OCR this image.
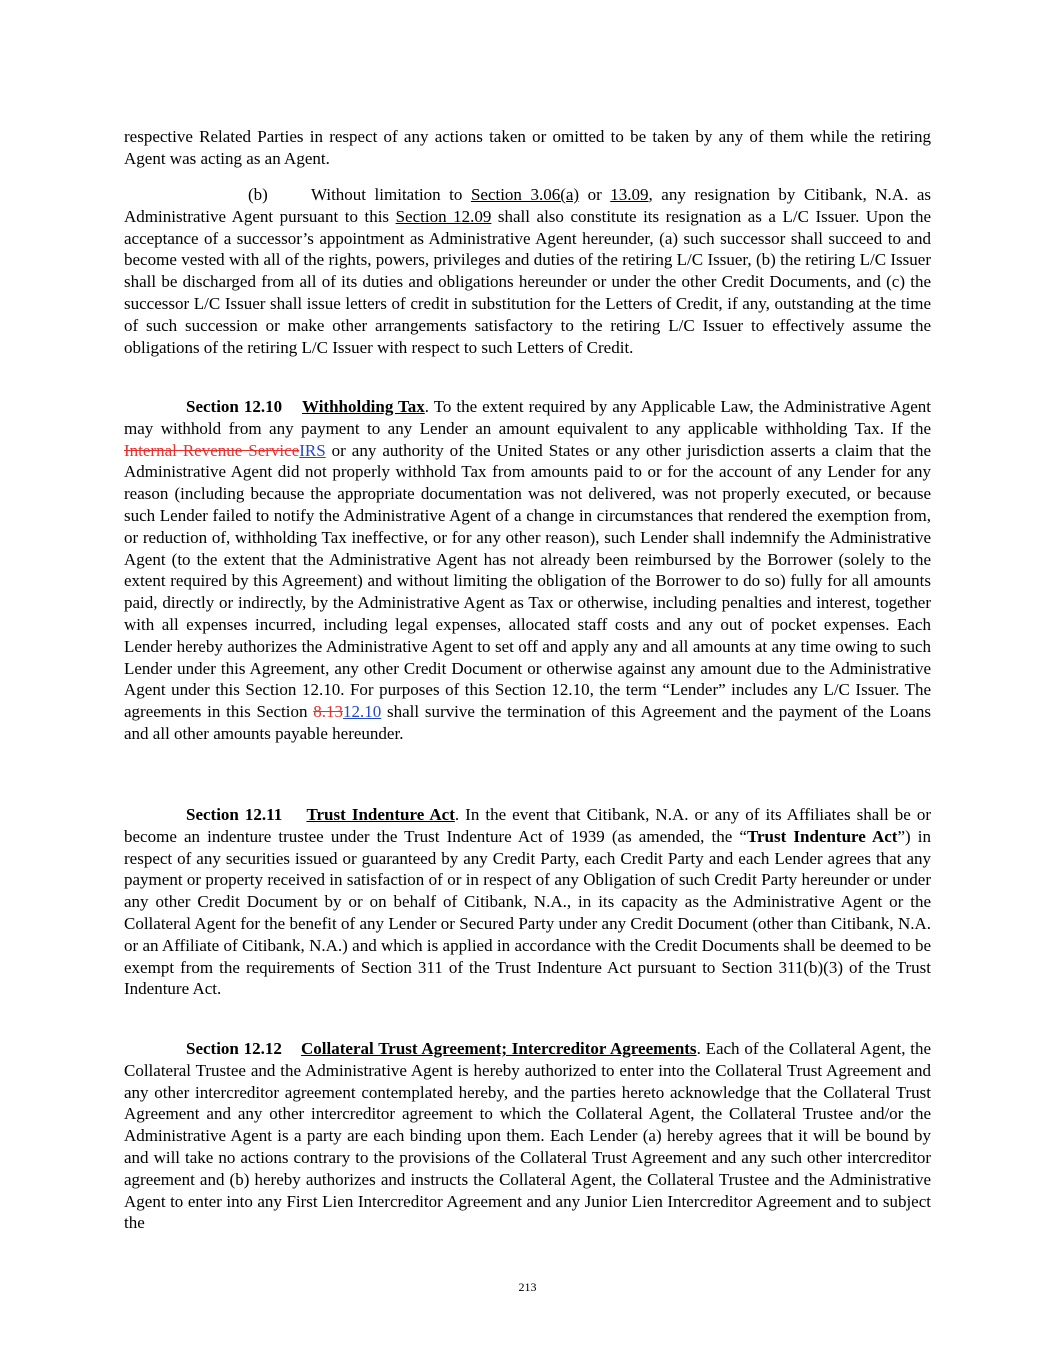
respective Related Parties in respect of any actions taken or omitted to be taken by any of them while the retiring Agent was acting as an Agent.

(b)	Without limitation to Section 3.06(a) or 13.09, any resignation by Citibank, N.A. as Administrative Agent pursuant to this Section 12.09 shall also constitute its resignation as a L/C Issuer. Upon the acceptance of a successor’s appointment as Administrative Agent hereunder, (a) such successor shall succeed to and become vested with all of the rights, powers, privileges and duties of the retiring L/C Issuer, (b) the retiring L/C Issuer shall be discharged from all of its duties and obligations hereunder or under the other Credit Documents, and (c) the successor L/C Issuer shall issue letters of credit in substitution for the Letters of Credit, if any, outstanding at the time of such succession or make other arrangements satisfactory to the retiring L/C Issuer to effectively assume the obligations of the retiring L/C Issuer with respect to such Letters of Credit.

Section 12.10 Withholding Tax. To the extent required by any Applicable Law, the Administrative Agent may withhold from any payment to any Lender an amount equivalent to any applicable withholding Tax. If the Internal Revenue ServiceIRS or any authority of the United States or any other jurisdiction asserts a claim that the Administrative Agent did not properly withhold Tax from amounts paid to or for the account of any Lender for any reason (including because the appropriate documentation was not delivered, was not properly executed, or because such Lender failed to notify the Administrative Agent of a change in circumstances that rendered the exemption from, or reduction of, withholding Tax ineffective, or for any other reason), such Lender shall indemnify the Administrative Agent (to the extent that the Administrative Agent has not already been reimbursed by the Borrower (solely to the extent required by this Agreement) and without limiting the obligation of the Borrower to do so) fully for all amounts paid, directly or indirectly, by the Administrative Agent as Tax or otherwise, including penalties and interest, together with all expenses incurred, including legal expenses, allocated staff costs and any out of pocket expenses. Each Lender hereby authorizes the Administrative Agent to set off and apply any and all amounts at any time owing to such Lender under this Agreement, any other Credit Document or otherwise against any amount due to the Administrative Agent under this Section 12.10. For purposes of this Section 12.10, the term “Lender” includes any L/C Issuer. The agreements in this Section 8.1312.10 shall survive the termination of this Agreement and the payment of the Loans and all other amounts payable hereunder.

Section 12.11 Trust Indenture Act. In the event that Citibank, N.A. or any of its Affiliates shall be or become an indenture trustee under the Trust Indenture Act of 1939 (as amended, the “Trust Indenture Act”) in respect of any securities issued or guaranteed by any Credit Party, each Credit Party and each Lender agrees that any payment or property received in satisfaction of or in respect of any Obligation of such Credit Party hereunder or under any other Credit Document by or on behalf of Citibank, N.A., in its capacity as the Administrative Agent or the Collateral Agent for the benefit of any Lender or Secured Party under any Credit Document (other than Citibank, N.A. or an Affiliate of Citibank, N.A.) and which is applied in accordance with the Credit Documents shall be deemed to be exempt from the requirements of Section 311 of the Trust Indenture Act pursuant to Section 311(b)(3) of the Trust Indenture Act.

Section 12.12 Collateral Trust Agreement; Intercreditor Agreements. Each of the Collateral Agent, the Collateral Trustee and the Administrative Agent is hereby authorized to enter into the Collateral Trust Agreement and any other intercreditor agreement contemplated hereby, and the parties hereto acknowledge that the Collateral Trust Agreement and any other intercreditor agreement to which the Collateral Agent, the Collateral Trustee and/or the Administrative Agent is a party are each binding upon them. Each Lender (a) hereby agrees that it will be bound by and will take no actions contrary to the provisions of the Collateral Trust Agreement and any such other intercreditor agreement and (b) hereby authorizes and instructs the Collateral Agent, the Collateral Trustee and the Administrative Agent to enter into any First Lien Intercreditor Agreement and any Junior Lien Intercreditor Agreement and to subject the

213
